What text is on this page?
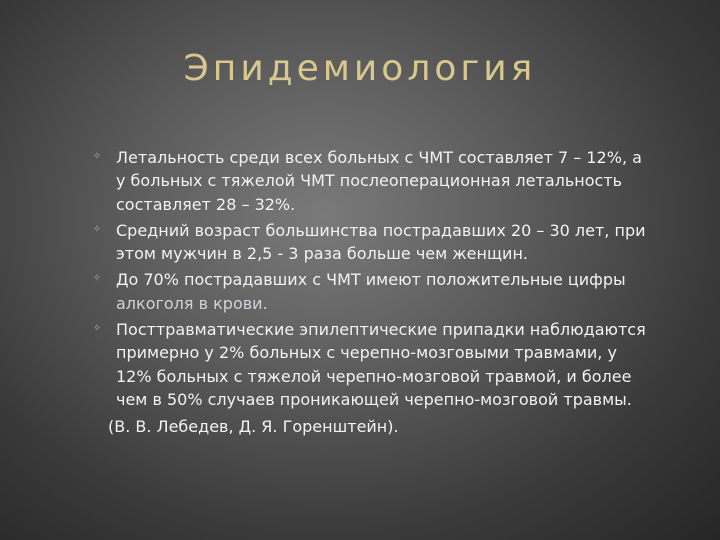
Эпидемиология
✧ Летальность среди всех больных с ЧМТ составляет 7 – 12%, а у больных с тяжелой ЧМТ послеоперационная летальность составляет 28 – 32%.
✧ Средний возраст большинства пострадавших 20 – 30 лет, при этом мужчин в 2,5 - 3 раза больше чем женщин.
✧ До 70% пострадавших с ЧМТ имеют положительные цифры алкоголя в крови.
✧ Посттравматические эпилептические припадки наблюдаются примерно у 2% больных с черепно-мозговыми травмами, у 12% больных с тяжелой черепно-мозговой травмой, и более чем в 50% случаев проникающей черепно-мозговой травмы.
(В. В. Лебедев, Д. Я. Горенштейн).
